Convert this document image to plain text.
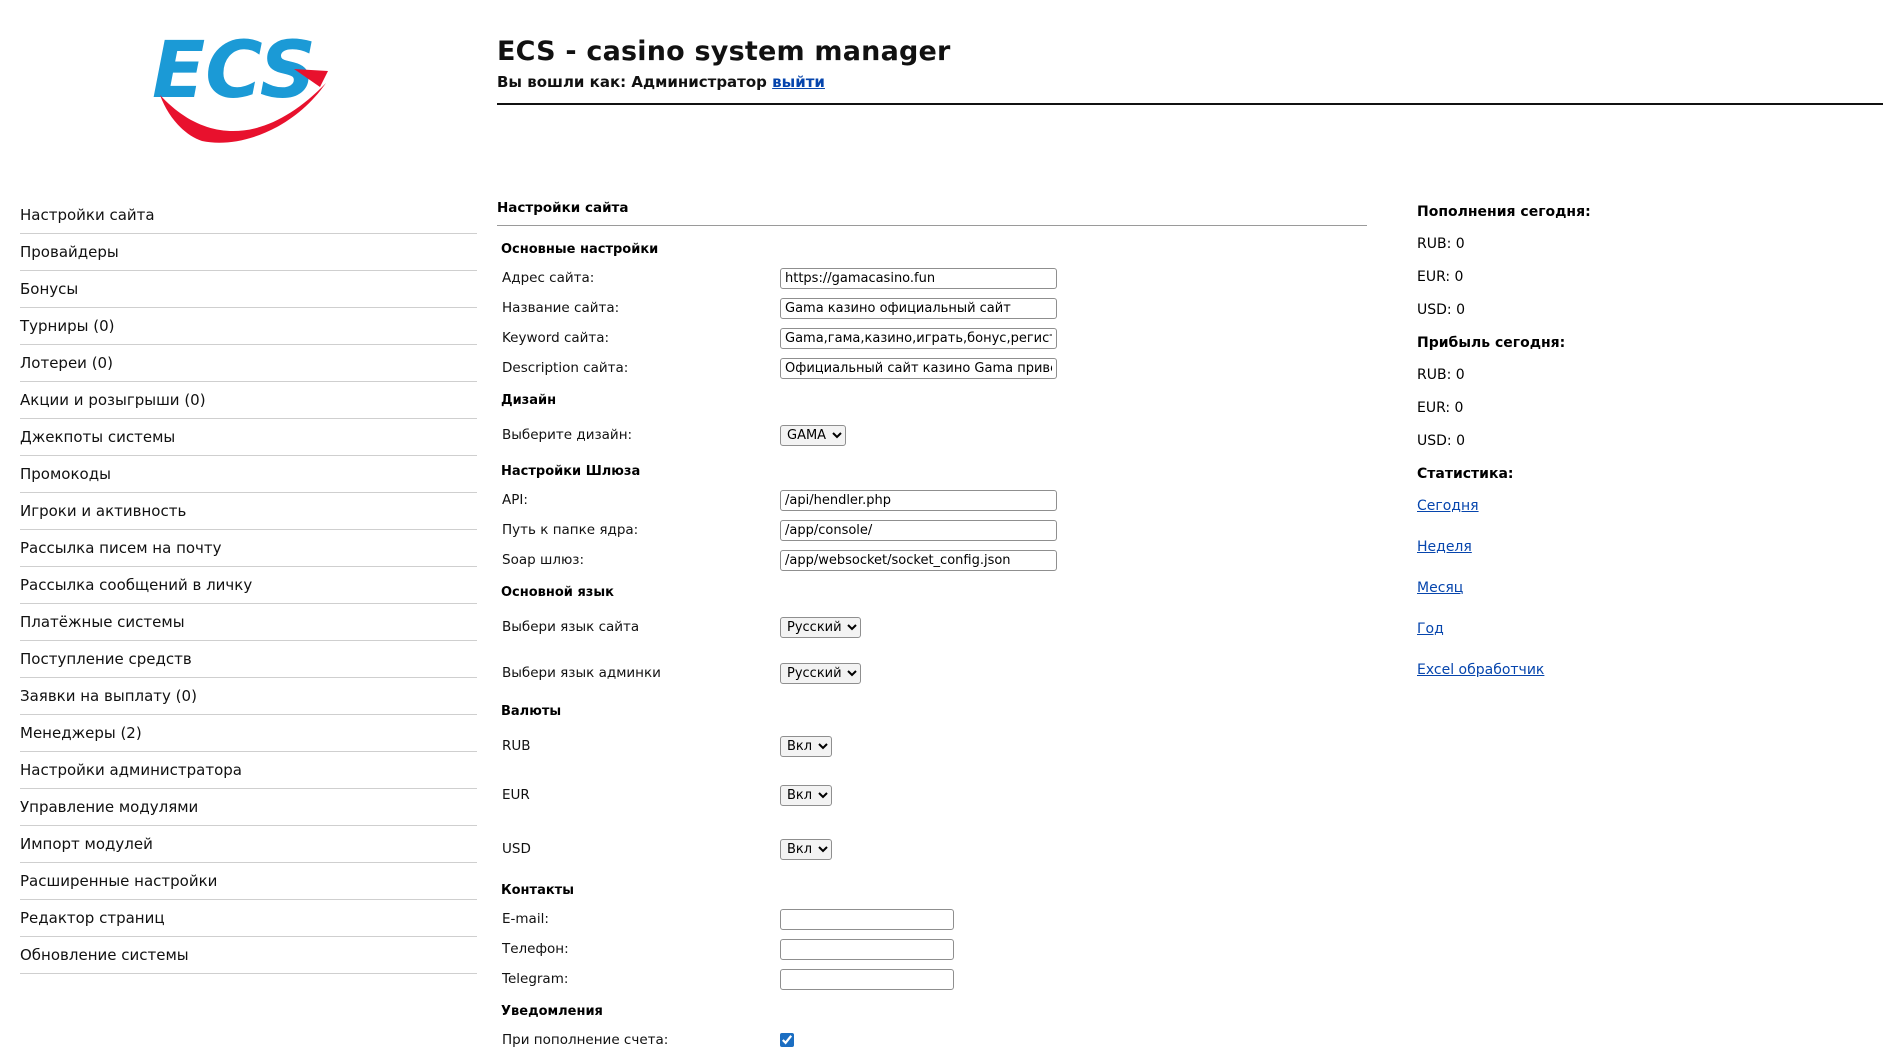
ECS	ECS - casino system manager
Вы вошли как: Администратор выйти
Настройки сайта
Провайдеры
Бонусы
Турниры (0)
Лотереи (0)
Акции и розыгрыши (0)
Джекпоты системы
Промокоды
Игроки и активность
Рассылка писем на почту
Рассылка сообщений в личку
Платёжные системы
Поступление средств
Заявки на выплату (0)
Менеджеры (2)
Настройки администратора
Управление модулями
Импорт модулей
Расширенные настройки
Редактор страниц
Обновление системы
Настройки сайта
Основные настройки
Адрес сайта:
https://gamacasino.fun
Название сайта:
Gama казино официальный сайт
Keyword сайта:
Gama,гама,казино,играть,бонус,регистрация,вход,рул
Description сайта:
Официальный сайт казино Gama приветствует всех иг
Дизайн
Выберите дизайн:
GAMA
Настройки Шлюза
API:
/api/hendler.php
Путь к папке ядра:
/app/console/
Soap шлюз:
/app/websocket/socket_config.json
Основной язык
Выбери язык сайта
Русский
Выбери язык админки
Русский
Валюты
RUB
Вкл
EUR
Вкл
USD
Вкл
Контакты
E-mail:
Телефон:
Telegram:
Уведомления
При пополнение счета:
Пополнения сегодня:
RUB: 0
EUR: 0
USD: 0
Прибыль сегодня:
RUB: 0
EUR: 0
USD: 0
Статистика:
Сегодня
Неделя
Месяц
Год
Excel обработчик
